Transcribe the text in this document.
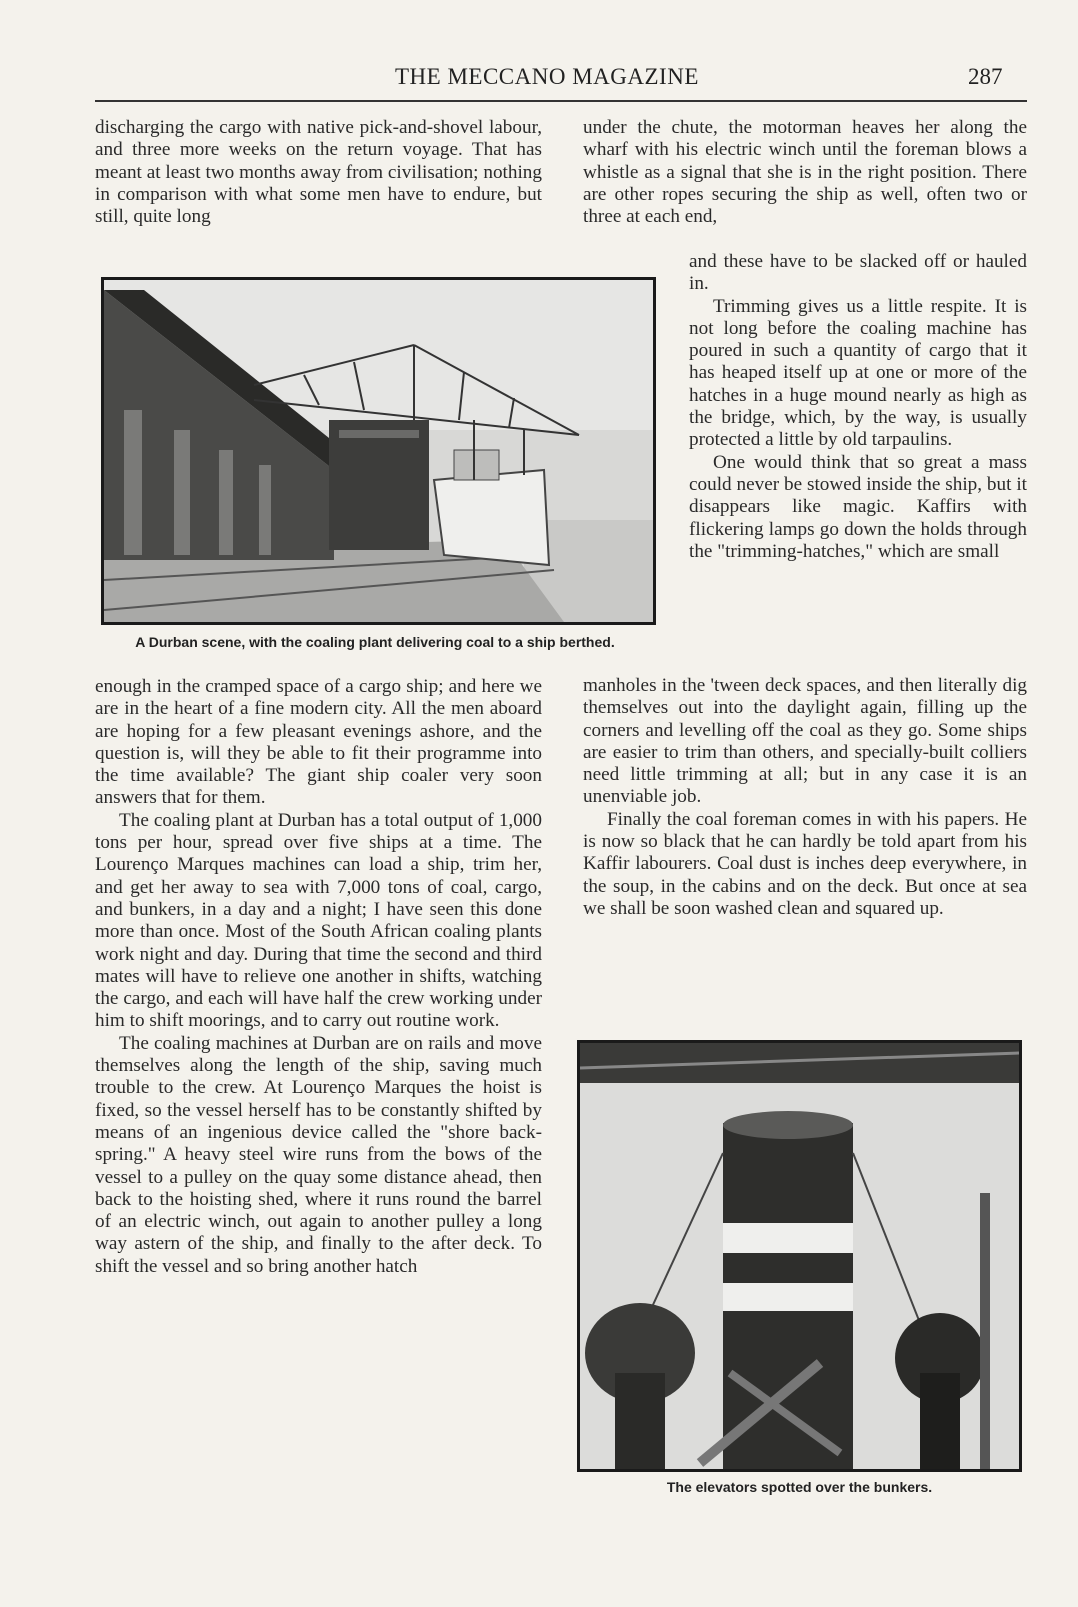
THE MECCANO MAGAZINE	287

discharging the cargo with native pick-and-shovel labour, and three more weeks on the return voyage. That has meant at least two months away from civilisation; nothing in comparison with what some men have to endure, but still, quite long

A Durban scene, with the coaling plant delivering coal to a ship berthed.

enough in the cramped space of a cargo ship; and here we are in the heart of a fine modern city. All the men aboard are hoping for a few pleasant evenings ashore, and the question is, will they be able to fit their programme into the time available? The giant ship coaler very soon answers that for them.

The coaling plant at Durban has a total output of 1,000 tons per hour, spread over five ships at a time. The Lourenço Marques machines can load a ship, trim her, and get her away to sea with 7,000 tons of coal, cargo, and bunkers, in a day and a night; I have seen this done more than once. Most of the South African coaling plants work night and day. During that time the second and third mates will have to relieve one another in shifts, watching the cargo, and each will have half the crew working under him to shift moorings, and to carry out routine work.

The coaling machines at Durban are on rails and move themselves along the length of the ship, saving much trouble to the crew. At Lourenço Marques the hoist is fixed, so the vessel herself has to be constantly shifted by means of an ingenious device called the "shore back-spring." A heavy steel wire runs from the bows of the vessel to a pulley on the quay some distance ahead, then back to the hoisting shed, where it runs round the barrel of an electric winch, out again to another pulley a long way astern of the ship, and finally to the after deck. To shift the vessel and so bring another hatch

under the chute, the motorman heaves her along the wharf with his electric winch until the foreman blows a whistle as a signal that she is in the right position. There are other ropes securing the ship as well, often two or three at each end,

and these have to be slacked off or hauled in.

Trimming gives us a little respite. It is not long before the coaling machine has poured in such a quantity of cargo that it has heaped itself up at one or more of the hatches in a huge mound nearly as high as the bridge, which, by the way, is usually protected a little by old tarpaulins.

One would think that so great a mass could never be stowed inside the ship, but it disappears like magic. Kaffirs with flickering lamps go down the holds through the "trimming-hatches," which are small

manholes in the 'tween deck spaces, and then literally dig themselves out into the daylight again, filling up the corners and levelling off the coal as they go. Some ships are easier to trim than others, and specially-built colliers need little trimming at all; but in any case it is an unenviable job.

Finally the coal foreman comes in with his papers. He is now so black that he can hardly be told apart from his Kaffir labourers. Coal dust is inches deep everywhere, in the soup, in the cabins and on the deck. But once at sea we shall be soon washed clean and squared up.

The elevators spotted over the bunkers.
